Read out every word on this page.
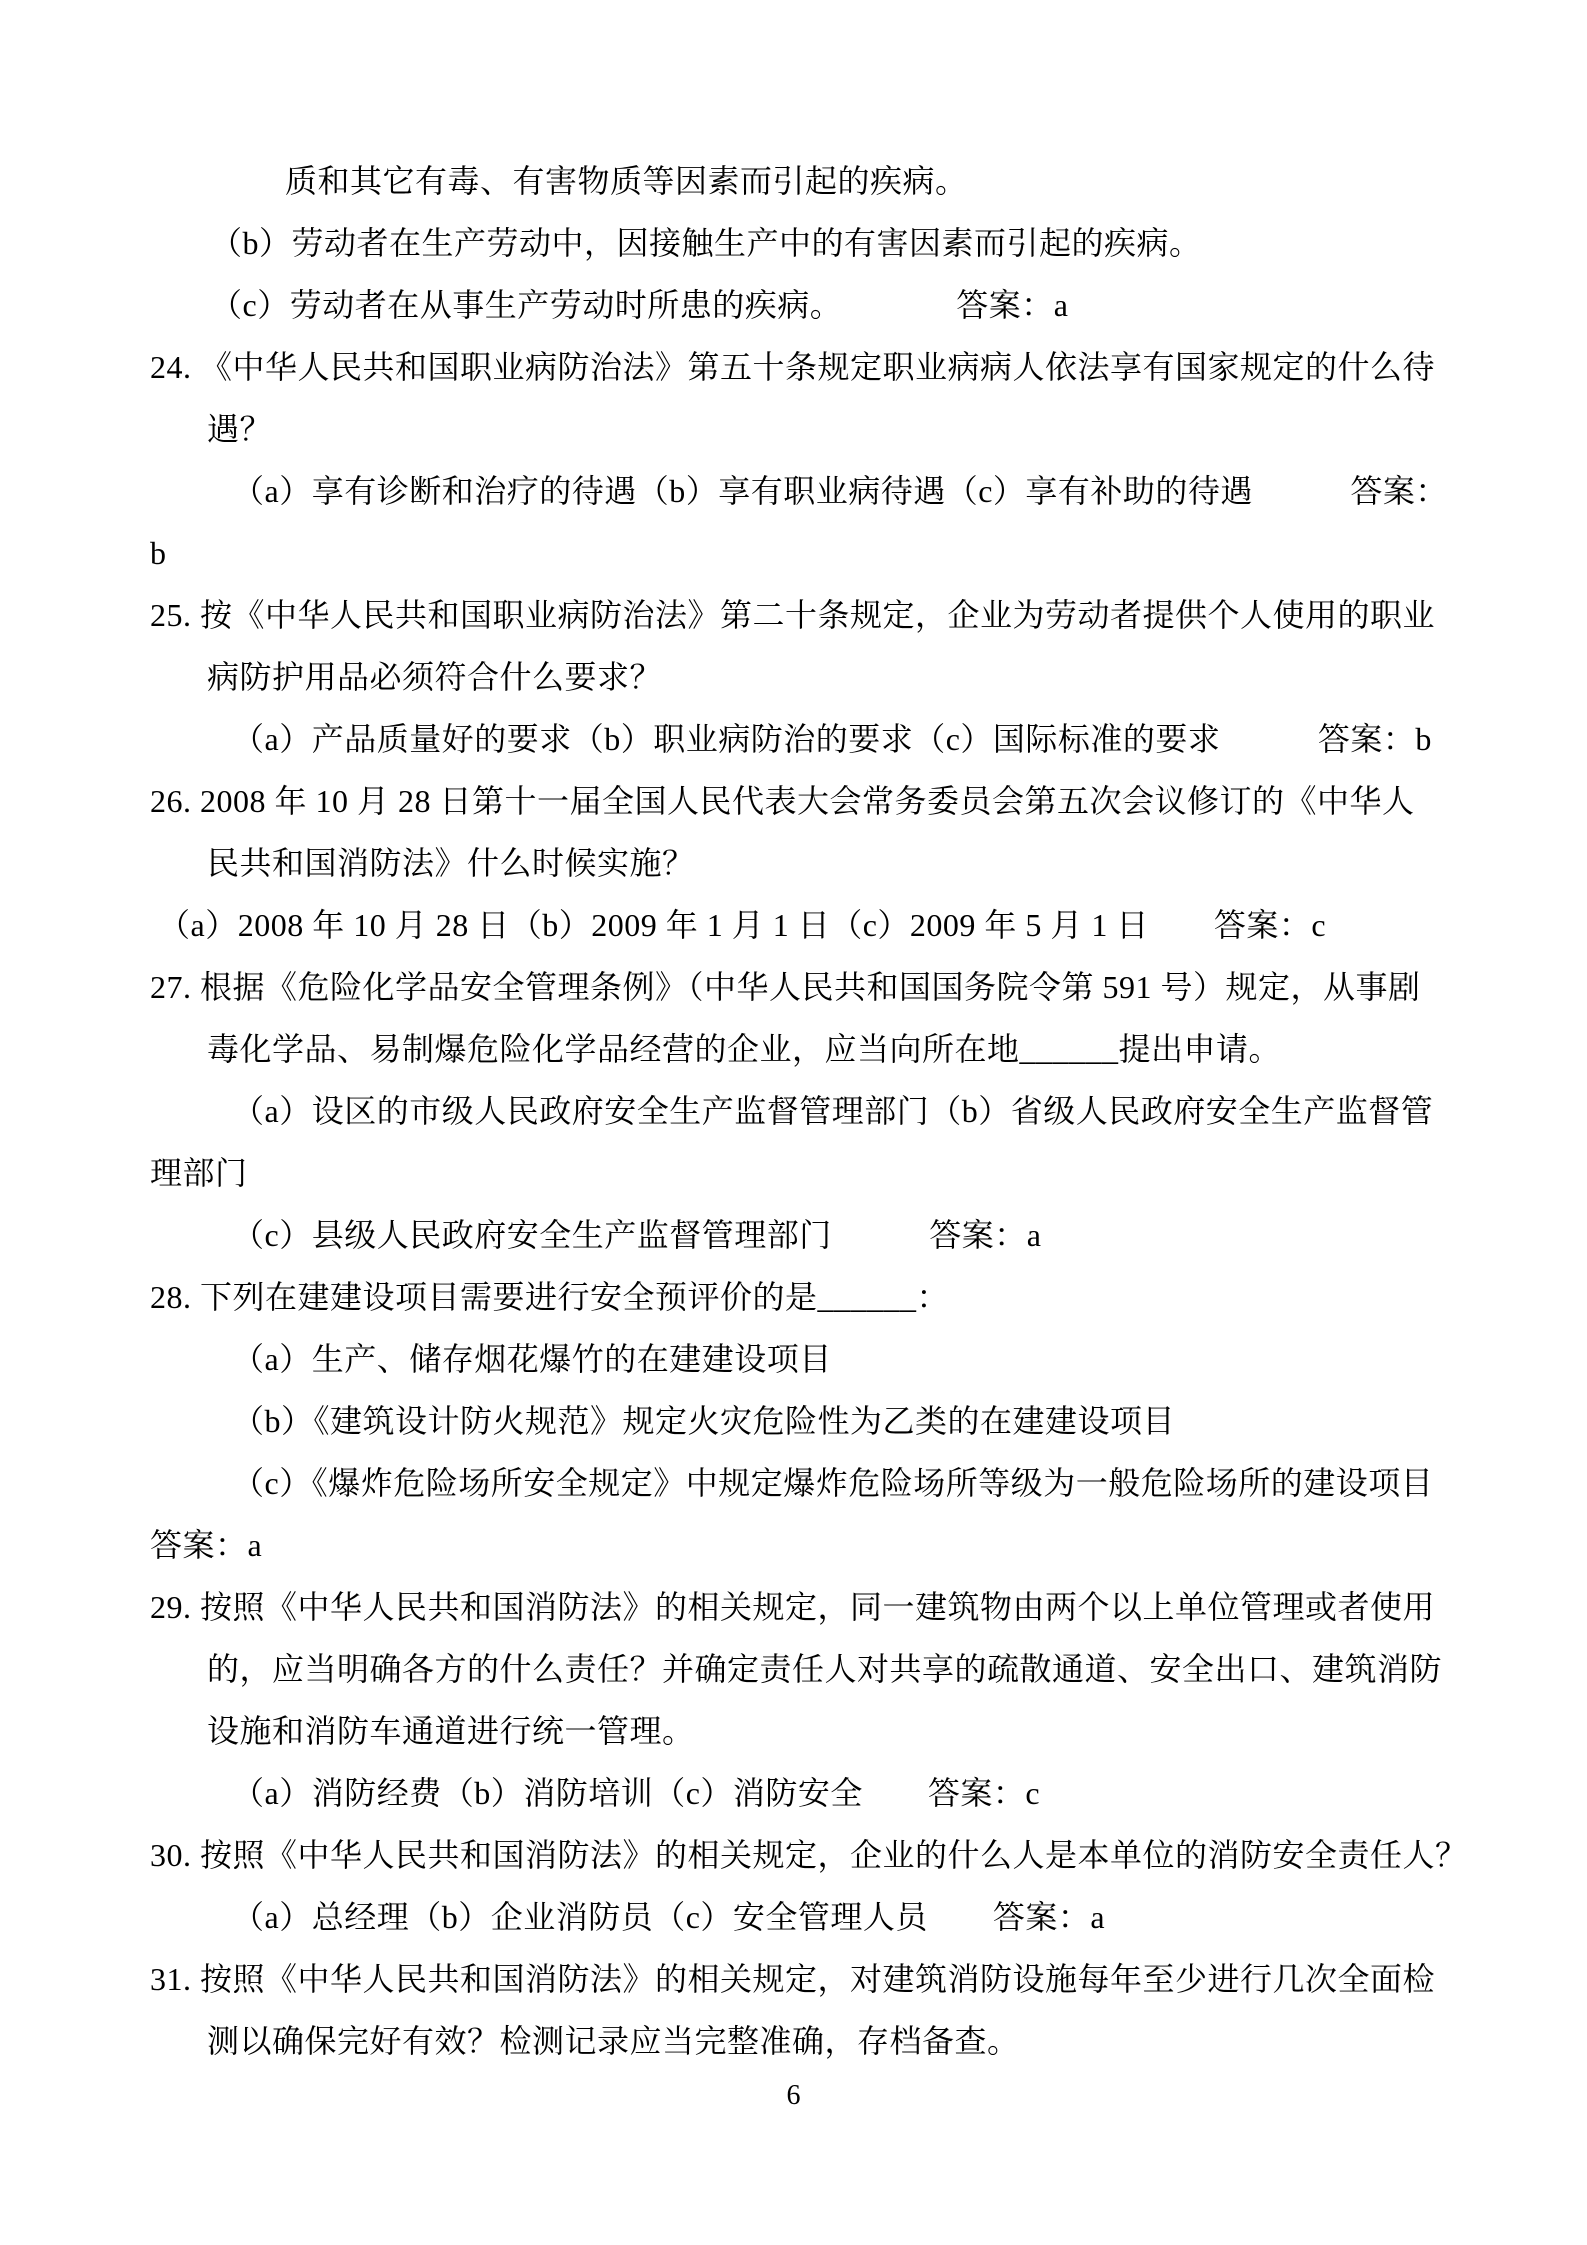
质和其它有毒、有害物质等因素而引起的疾病。
（b）劳动者在生产劳动中，因接触生产中的有害因素而引起的疾病。
（c）劳动者在从事生产劳动时所患的疾病。　　　　答案：a
24. 《中华人民共和国职业病防治法》第五十条规定职业病病人依法享有国家规定的什么待
遇？
（a）享有诊断和治疗的待遇（b）享有职业病待遇（c）享有补助的待遇　　　答案：
b
25. 按《中华人民共和国职业病防治法》第二十条规定，企业为劳动者提供个人使用的职业
病防护用品必须符合什么要求？
（a）产品质量好的要求（b）职业病防治的要求（c）国际标准的要求　　　答案：b
26. 2008 年 10 月 28 日第十一届全国人民代表大会常务委员会第五次会议修订的《中华人
民共和国消防法》什么时候实施？
（a）2008 年 10 月 28 日（b）2009 年 1 月 1 日（c）2009 年 5 月 1 日　　答案：c
27. 根据《危险化学品安全管理条例》（中华人民共和国国务院令第 591 号）规定，从事剧
毒化学品、易制爆危险化学品经营的企业，应当向所在地______提出申请。
（a）设区的市级人民政府安全生产监督管理部门（b）省级人民政府安全生产监督管
理部门
（c）县级人民政府安全生产监督管理部门　　　答案：a
28. 下列在建建设项目需要进行安全预评价的是______：
（a）生产、储存烟花爆竹的在建建设项目
（b）《建筑设计防火规范》规定火灾危险性为乙类的在建建设项目
（c）《爆炸危险场所安全规定》中规定爆炸危险场所等级为一般危险场所的建设项目
答案：a
29. 按照《中华人民共和国消防法》的相关规定，同一建筑物由两个以上单位管理或者使用
的，应当明确各方的什么责任？并确定责任人对共享的疏散通道、安全出口、建筑消防
设施和消防车通道进行统一管理。
（a）消防经费（b）消防培训（c）消防安全　　答案：c
30. 按照《中华人民共和国消防法》的相关规定，企业的什么人是本单位的消防安全责任人？
（a）总经理（b）企业消防员（c）安全管理人员　　答案：a
31. 按照《中华人民共和国消防法》的相关规定，对建筑消防设施每年至少进行几次全面检
测以确保完好有效？检测记录应当完整准确，存档备查。
6
